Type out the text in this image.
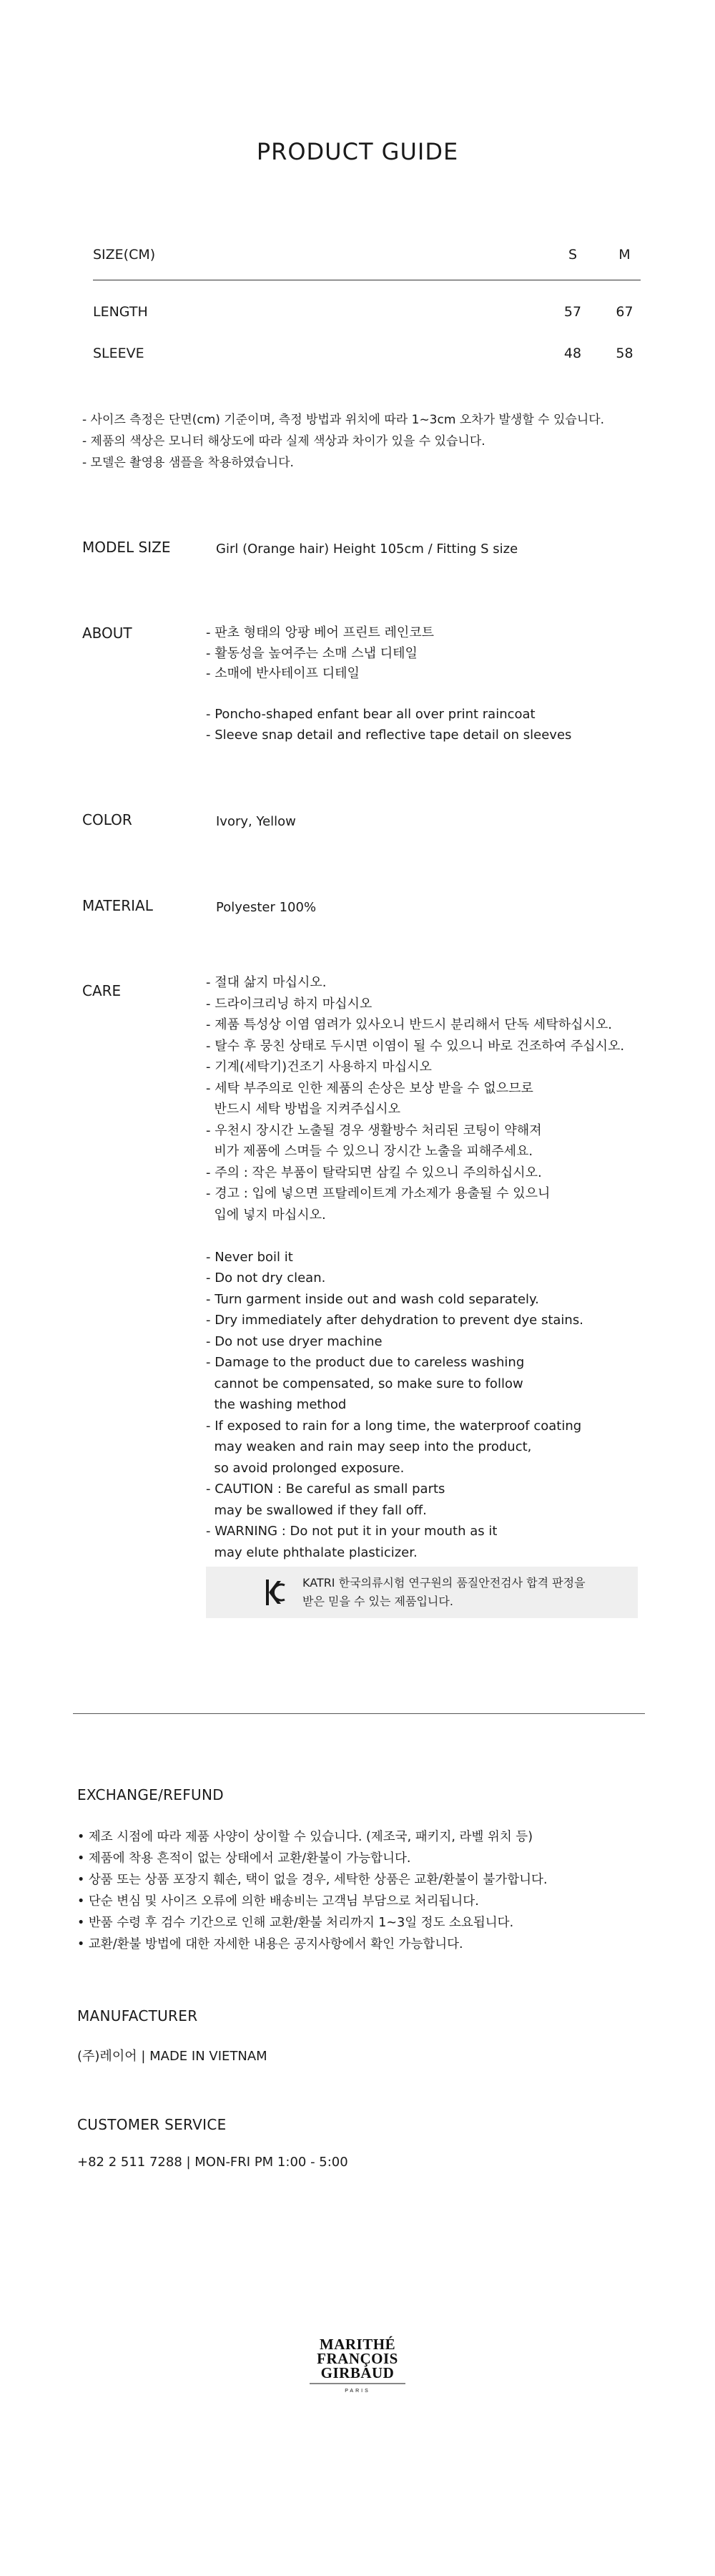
PRODUCT GUIDE
SIZE(CM)	S	M
LENGTH	57	67
SLEEVE	48	58
- 사이즈 측정은 단면(cm) 기준이며, 측정 방법과 위치에 따라 1~3cm 오차가 발생할 수 있습니다.
- 제품의 색상은 모니터 해상도에 따라 실제 색상과 차이가 있을 수 있습니다.
- 모델은 촬영용 샘플을 착용하였습니다.
MODEL SIZE	Girl (Orange hair) Height 105cm / Fitting S size
ABOUT	- 판초 형태의 앙팡 베어 프린트 레인코트
- 활동성을 높여주는 소매 스냅 디테일
- 소매에 반사테이프 디테일

- Poncho-shaped enfant bear all over print raincoat
- Sleeve snap detail and reflective tape detail on sleeves
COLOR	Ivory, Yellow
MATERIAL	Polyester 100%
CARE	- 절대 삶지 마십시오.
- 드라이크리닝 하지 마십시오
- 제품 특성상 이염 염려가 있사오니 반드시 분리해서 단독 세탁하십시오.
- 탈수 후 뭉친 상태로 두시면 이염이 될 수 있으니 바로 건조하여 주십시오.
- 기계(세탁기)건조기 사용하지 마십시오
- 세탁 부주의로 인한 제품의 손상은 보상 받을 수 없으므로
반드시 세탁 방법을 지켜주십시오
- 우천시 장시간 노출될 경우 생활방수 처리된 코팅이 약해져
비가 제품에 스며들 수 있으니 장시간 노출을 피해주세요.
- 주의 : 작은 부품이 탈락되면 삼킬 수 있으니 주의하십시오.
- 경고 : 입에 넣으면 프탈레이트계 가소제가 용출될 수 있으니
입에 넣지 마십시오.

- Never boil it
- Do not dry clean.
- Turn garment inside out and wash cold separately.
- Dry immediately after dehydration to prevent dye stains.
- Do not use dryer machine
- Damage to the product due to careless washing
cannot be compensated, so make sure to follow
the washing method
- If exposed to rain for a long time, the waterproof coating
may weaken and rain may seep into the product,
so avoid prolonged exposure.
- CAUTION : Be careful as small parts
may be swallowed if they fall off.
- WARNING : Do not put it in your mouth as it
may elute phthalate plasticizer.
KATRI 한국의류시험 연구원의 품질안전검사 합격 판정을
받은 믿을 수 있는 제품입니다.
EXCHANGE/REFUND
• 제조 시점에 따라 제품 사양이 상이할 수 있습니다. (제조국, 패키지, 라벨 위치 등)
• 제품에 착용 흔적이 없는 상태에서 교환/환불이 가능합니다.
• 상품 또는 상품 포장지 훼손, 택이 없을 경우, 세탁한 상품은 교환/환불이 불가합니다.
• 단순 변심 및 사이즈 오류에 의한 배송비는 고객님 부담으로 처리됩니다.
• 반품 수령 후 검수 기간으로 인해 교환/환불 처리까지 1~3일 정도 소요됩니다.
• 교환/환불 방법에 대한 자세한 내용은 공지사항에서 확인 가능합니다.
MANUFACTURER
(주)레이어 | MADE IN VIETNAM
CUSTOMER SERVICE
+82 2 511 7288 | MON-FRI PM 1:00 - 5:00
MARITHÉ
FRANÇOIS
GIRBAUD
PARIS
